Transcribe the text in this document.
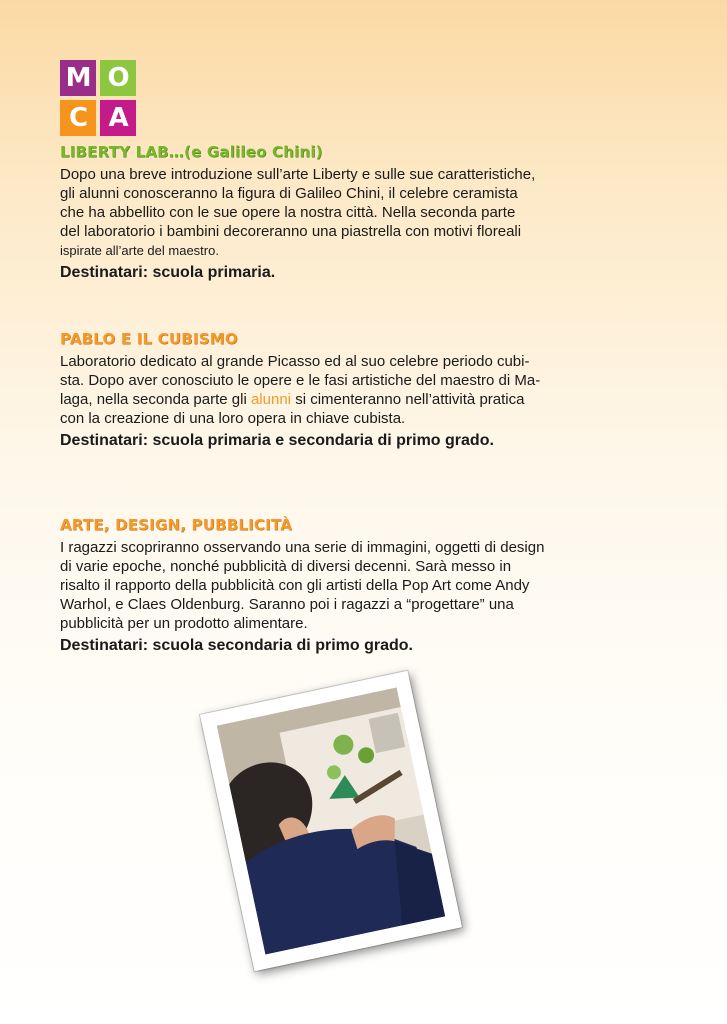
M O
C A
LIBERTY LAB…(e Galileo Chini)

Dopo una breve introduzione sull’arte Liberty e sulle sue caratteristiche,
gli alunni conosceranno la figura di Galileo Chini, il celebre ceramista
che ha abbellito con le sue opere la nostra città. Nella seconda parte
del laboratorio i bambini decoreranno una piastrella con motivi floreali
ispirate all’arte del maestro.

Destinatari: scuola primaria.

PABLO E IL CUBISMO

Laboratorio dedicato al grande Picasso ed al suo celebre periodo cubi-
sta. Dopo aver conosciuto le opere e le fasi artistiche del maestro di Ma-
laga, nella seconda parte gli alunni si cimenteranno nell’attività pratica
con la creazione di una loro opera in chiave cubista.

Destinatari: scuola primaria e secondaria di primo grado.

ARTE, DESIGN, PUBBLICITÀ

I ragazzi scopriranno osservando una serie di immagini, oggetti di design
di varie epoche, nonché pubblicità di diversi decenni. Sarà messo in
risalto il rapporto della pubblicità con gli artisti della Pop Art come Andy
Warhol, e Claes Oldenburg. Saranno poi i ragazzi a “progettare” una
pubblicità per un prodotto alimentare.

Destinatari: scuola secondaria di primo grado.
